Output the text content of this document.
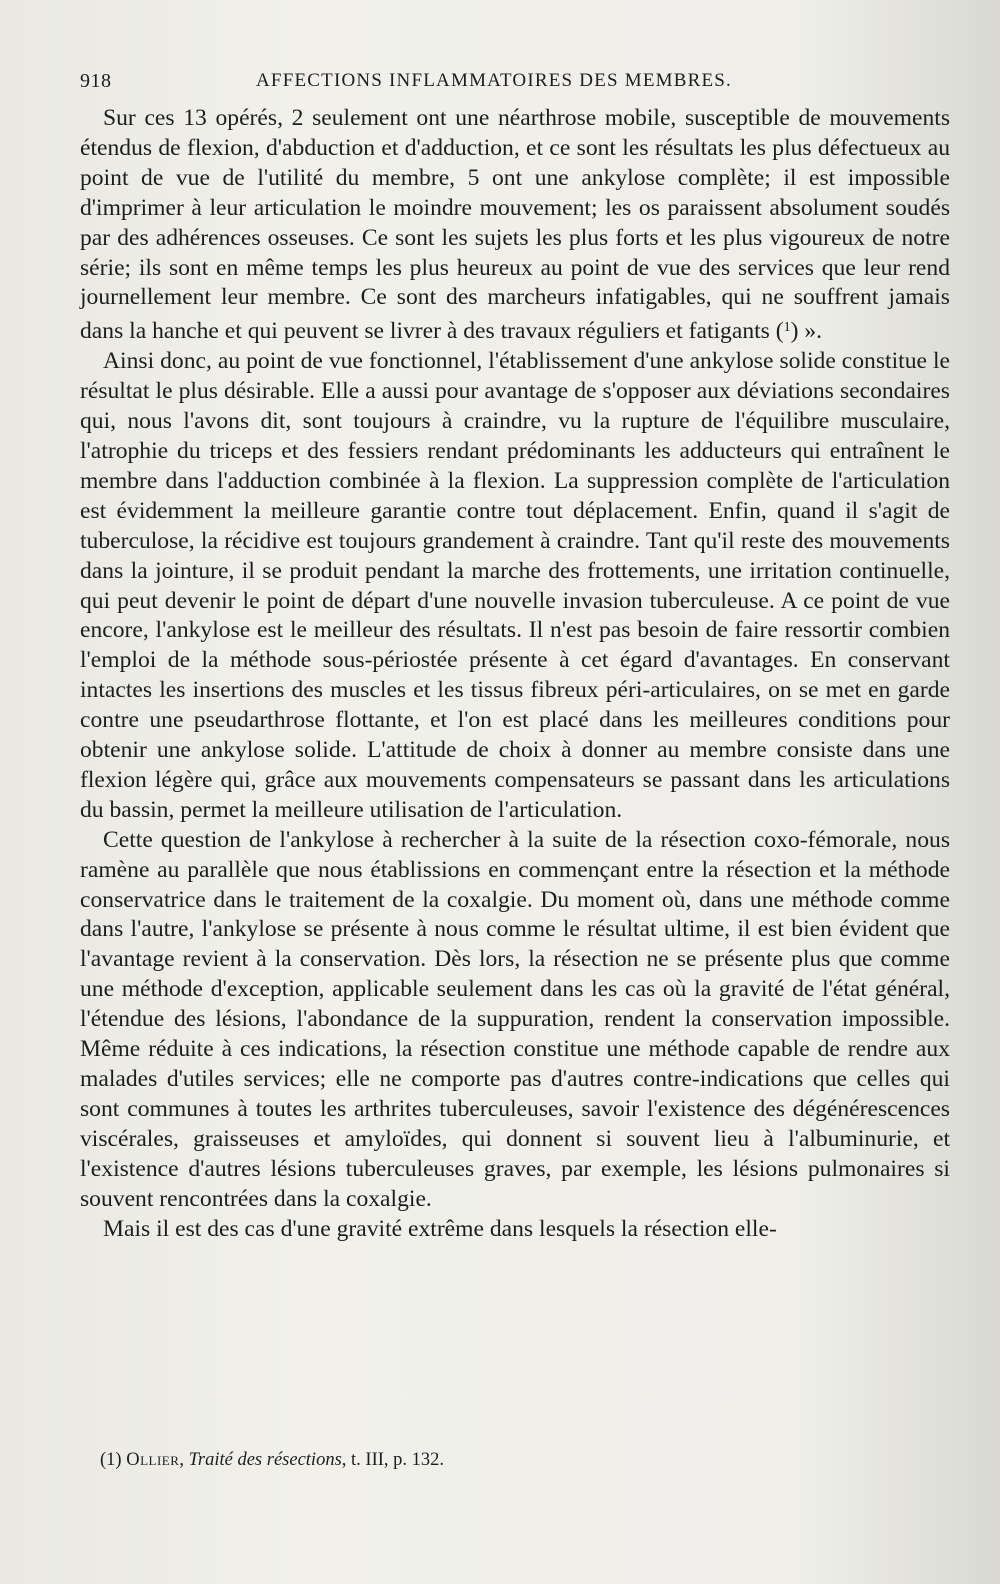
918	AFFECTIONS INFLAMMATOIRES DES MEMBRES.

Sur ces 13 opérés, 2 seulement ont une néarthrose mobile, susceptible de mouvements étendus de flexion, d'abduction et d'adduction, et ce sont les résultats les plus défectueux au point de vue de l'utilité du membre, 5 ont une ankylose complète; il est impossible d'imprimer à leur articulation le moindre mouvement; les os paraissent absolument soudés par des adhérences osseuses. Ce sont les sujets les plus forts et les plus vigoureux de notre série; ils sont en même temps les plus heureux au point de vue des services que leur rend journellement leur membre. Ce sont des marcheurs infatigables, qui ne souffrent jamais dans la hanche et qui peuvent se livrer à des travaux réguliers et fatigants ($^1$) ».

Ainsi donc, au point de vue fonctionnel, l'établissement d'une ankylose solide constitue le résultat le plus désirable. Elle a aussi pour avantage de s'opposer aux déviations secondaires qui, nous l'avons dit, sont toujours à craindre, vu la rupture de l'équilibre musculaire, l'atrophie du triceps et des fessiers rendant prédominants les adducteurs qui entraînent le membre dans l'adduction combinée à la flexion. La suppression complète de l'articulation est évidemment la meilleure garantie contre tout déplacement. Enfin, quand il s'agit de tuberculose, la récidive est toujours grandement à craindre. Tant qu'il reste des mouvements dans la jointure, il se produit pendant la marche des frottements, une irritation continuelle, qui peut devenir le point de départ d'une nouvelle invasion tuberculeuse. A ce point de vue encore, l'ankylose est le meilleur des résultats. Il n'est pas besoin de faire ressortir combien l'emploi de la méthode sous-périostée présente à cet égard d'avantages. En conservant intactes les insertions des muscles et les tissus fibreux péri-articulaires, on se met en garde contre une pseudarthrose flottante, et l'on est placé dans les meilleures conditions pour obtenir une ankylose solide. L'attitude de choix à donner au membre consiste dans une flexion légère qui, grâce aux mouvements compensateurs se passant dans les articulations du bassin, permet la meilleure utilisation de l'articulation.

Cette question de l'ankylose à rechercher à la suite de la résection coxo-fémorale, nous ramène au parallèle que nous établissions en commençant entre la résection et la méthode conservatrice dans le traitement de la coxalgie. Du moment où, dans une méthode comme dans l'autre, l'ankylose se présente à nous comme le résultat ultime, il est bien évident que l'avantage revient à la conservation. Dès lors, la résection ne se présente plus que comme une méthode d'exception, applicable seulement dans les cas où la gravité de l'état général, l'étendue des lésions, l'abondance de la suppuration, rendent la conservation impossible. Même réduite à ces indications, la résection constitue une méthode capable de rendre aux malades d'utiles services; elle ne comporte pas d'autres contre-indications que celles qui sont communes à toutes les arthrites tuberculeuses, savoir l'existence des dégénérescences viscérales, graisseuses et amyloïdes, qui donnent si souvent lieu à l'albuminurie, et l'existence d'autres lésions tuberculeuses graves, par exemple, les lésions pulmonaires si souvent rencontrées dans la coxalgie.

Mais il est des cas d'une gravité extrême dans lesquels la résection elle-

(1) Ollier, Traité des résections, t. III, p. 132.
